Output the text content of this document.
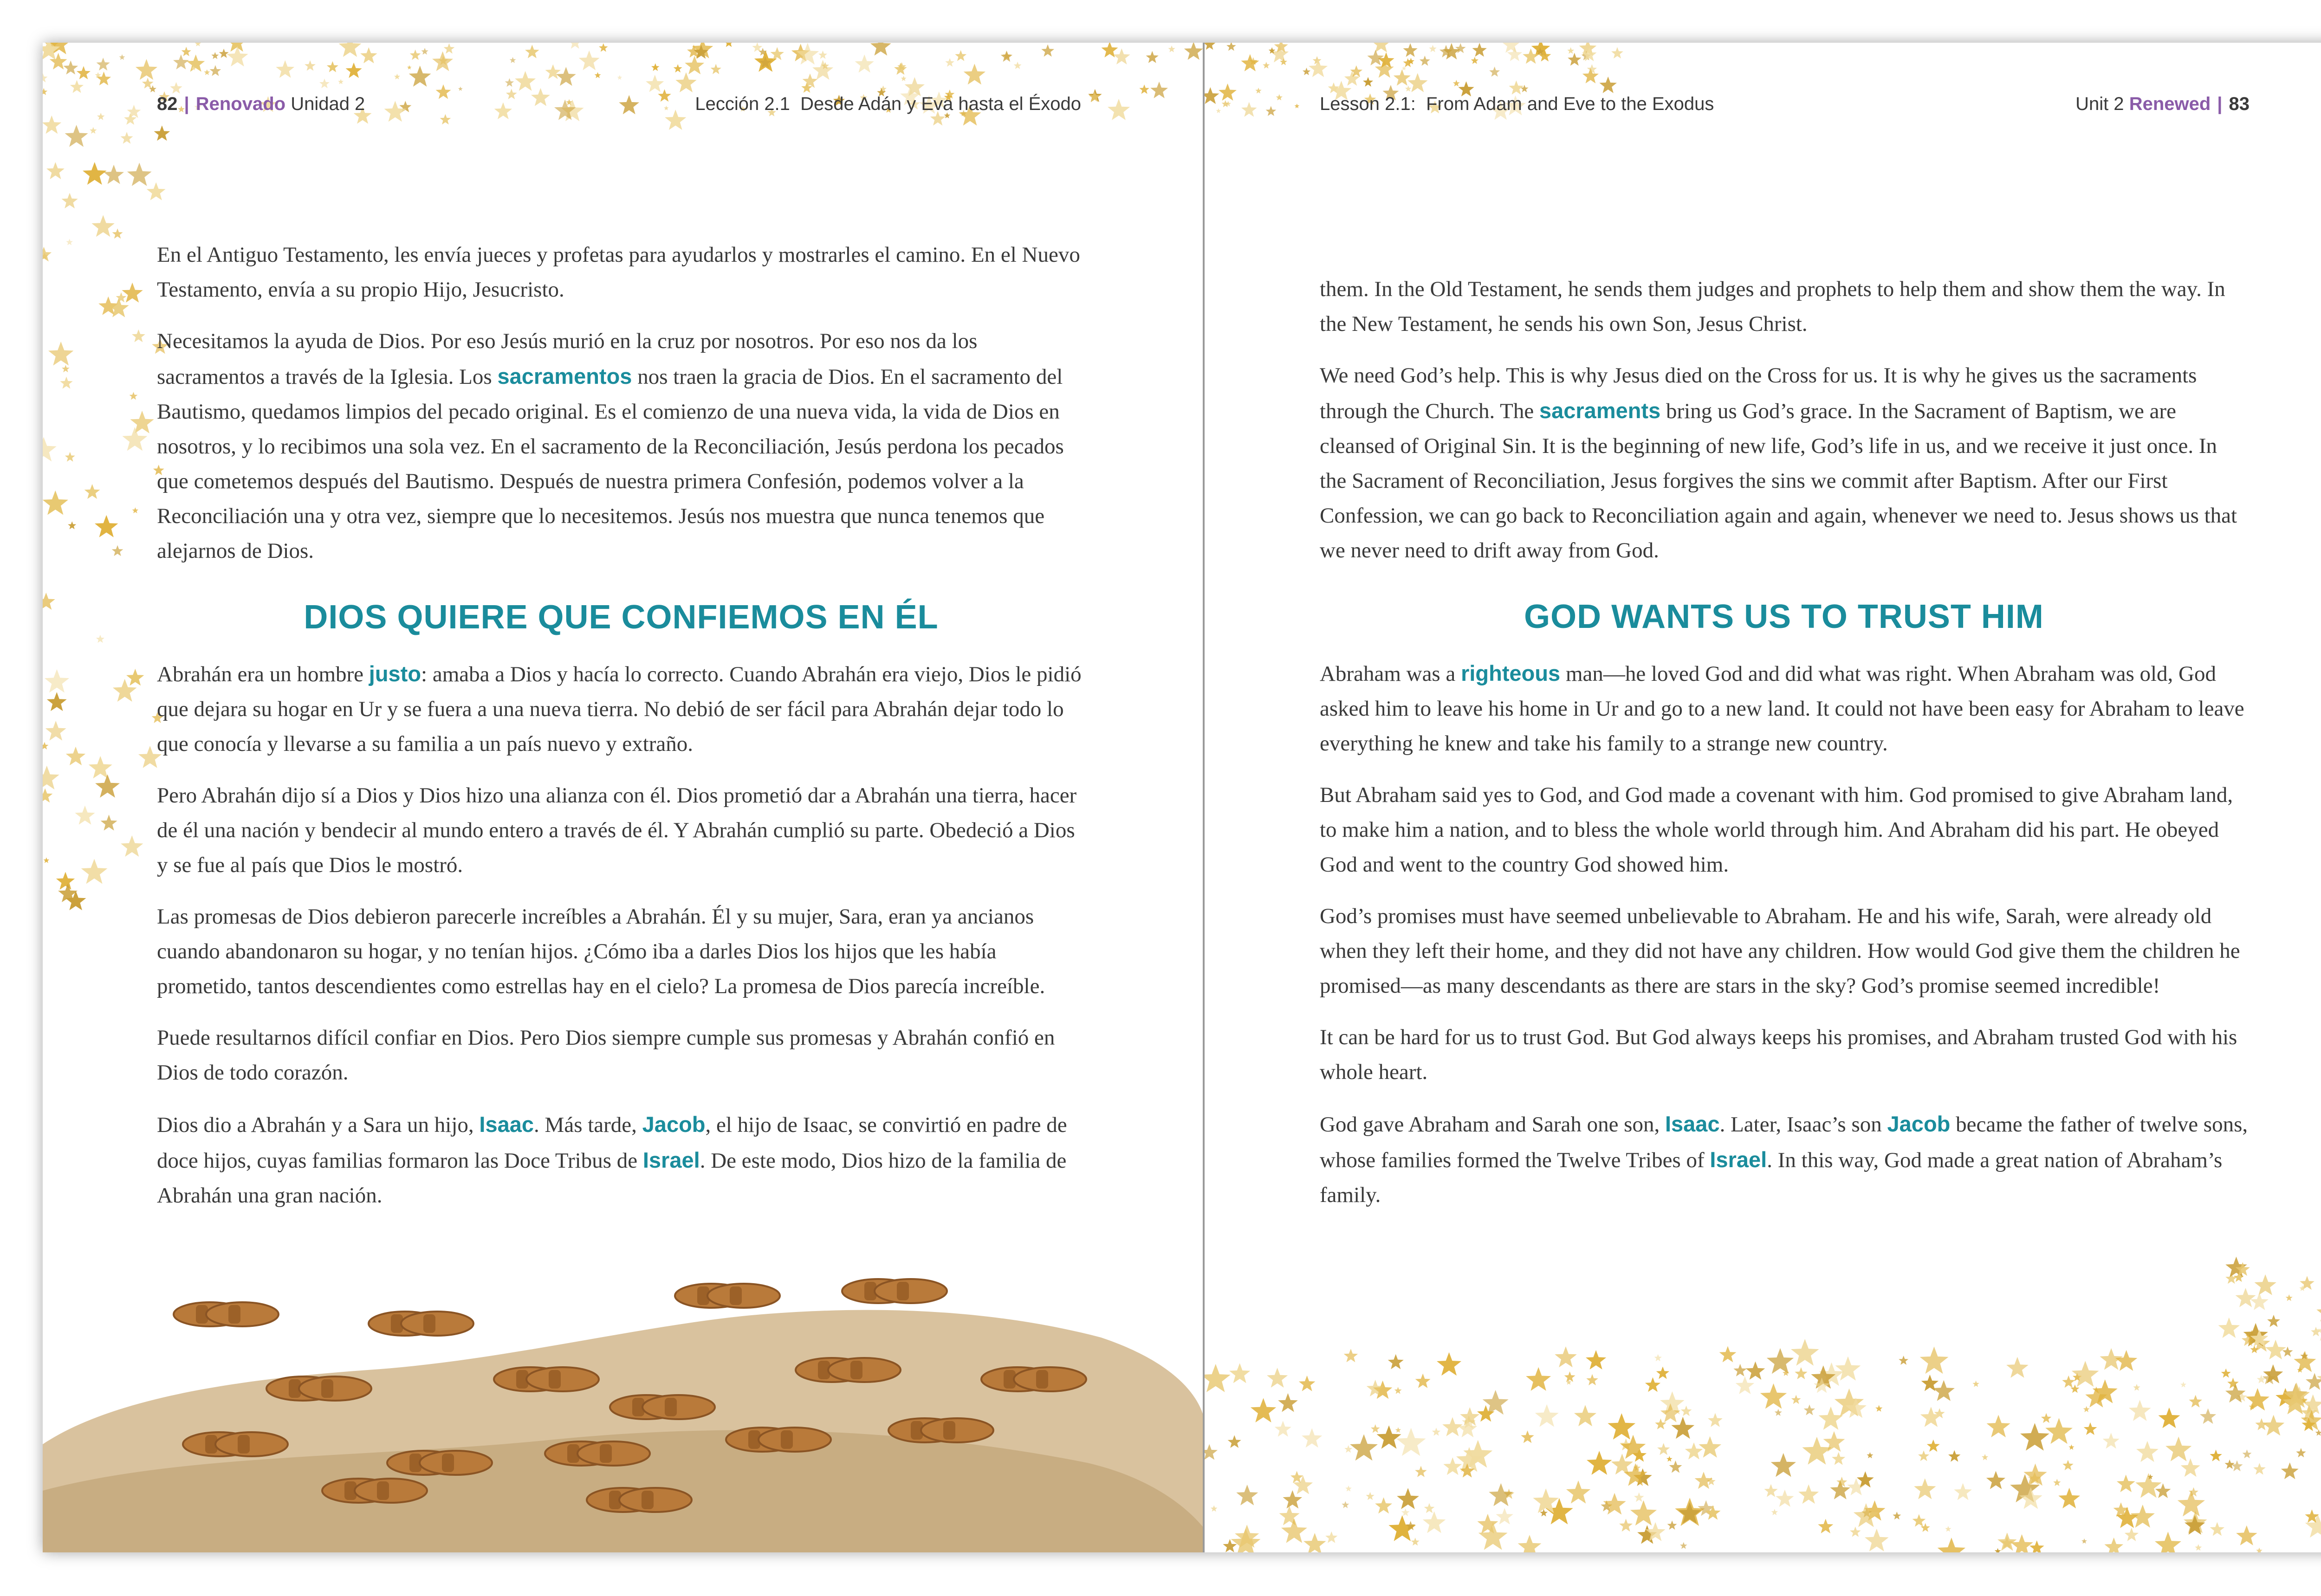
82 | Renovado Unidad 2	Lección 2.1 Desde Adán y Eva hasta el Éxodo

En el Antiguo Testamento, les envía jueces y profetas para ayudarlos y mostrarles el camino. En el Nuevo Testamento, envía a su propio Hijo, Jesucristo.

Necesitamos la ayuda de Dios. Por eso Jesús murió en la cruz por nosotros. Por eso nos da los sacramentos a través de la Iglesia. Los sacramentos nos traen la gracia de Dios. En el sacramento del Bautismo, quedamos limpios del pecado original. Es el comienzo de una nueva vida, la vida de Dios en nosotros, y lo recibimos una sola vez. En el sacramento de la Reconciliación, Jesús perdona los pecados que cometemos después del Bautismo. Después de nuestra primera Confesión, podemos volver a la Reconciliación una y otra vez, siempre que lo necesitemos. Jesús nos muestra que nunca tenemos que alejarnos de Dios.

DIOS QUIERE QUE CONFIEMOS EN ÉL

Abrahán era un hombre justo: amaba a Dios y hacía lo correcto. Cuando Abrahán era viejo, Dios le pidió que dejara su hogar en Ur y se fuera a una nueva tierra. No debió de ser fácil para Abrahán dejar todo lo que conocía y llevarse a su familia a un país nuevo y extraño.

Pero Abrahán dijo sí a Dios y Dios hizo una alianza con él. Dios prometió dar a Abrahán una tierra, hacer de él una nación y bendecir al mundo entero a través de él. Y Abrahán cumplió su parte. Obedeció a Dios y se fue al país que Dios le mostró.

Las promesas de Dios debieron parecerle increíbles a Abrahán. Él y su mujer, Sara, eran ya ancianos cuando abandonaron su hogar, y no tenían hijos. ¿Cómo iba a darles Dios los hijos que les había prometido, tantos descendientes como estrellas hay en el cielo? La promesa de Dios parecía increíble.

Puede resultarnos difícil confiar en Dios. Pero Dios siempre cumple sus promesas y Abrahán confió en Dios de todo corazón.

Dios dio a Abrahán y a Sara un hijo, Isaac. Más tarde, Jacob, el hijo de Isaac, se convirtió en padre de doce hijos, cuyas familias formaron las Doce Tribus de Israel. De este modo, Dios hizo de la familia de Abrahán una gran nación.

Lesson 2.1: From Adam and Eve to the Exodus	Unit 2 Renewed | 83

them. In the Old Testament, he sends them judges and prophets to help them and show them the way. In the New Testament, he sends his own Son, Jesus Christ.

We need God’s help. This is why Jesus died on the Cross for us. It is why he gives us the sacraments through the Church. The sacraments bring us God’s grace. In the Sacrament of Baptism, we are cleansed of Original Sin. It is the beginning of new life, God’s life in us, and we receive it just once. In the Sacrament of Reconciliation, Jesus forgives the sins we commit after Baptism. After our First Confession, we can go back to Reconciliation again and again, whenever we need to. Jesus shows us that we never need to drift away from God.

GOD WANTS US TO TRUST HIM

Abraham was a righteous man—he loved God and did what was right. When Abraham was old, God asked him to leave his home in Ur and go to a new land. It could not have been easy for Abraham to leave everything he knew and take his family to a strange new country.

But Abraham said yes to God, and God made a covenant with him. God promised to give Abraham land, to make him a nation, and to bless the whole world through him. And Abraham did his part. He obeyed God and went to the country God showed him.

God’s promises must have seemed unbelievable to Abraham. He and his wife, Sarah, were already old when they left their home, and they did not have any children. How would God give them the children he promised—as many descendants as there are stars in the sky? God’s promise seemed incredible!

It can be hard for us to trust God. But God always keeps his promises, and Abraham trusted God with his whole heart.

God gave Abraham and Sarah one son, Isaac. Later, Isaac’s son Jacob became the father of twelve sons, whose families formed the Twelve Tribes of Israel. In this way, God made a great nation of Abraham’s family.
